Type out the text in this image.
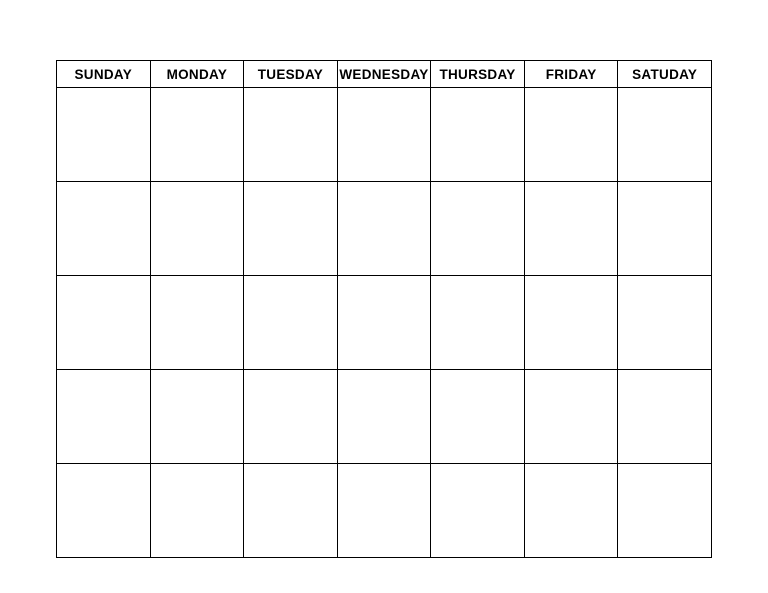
SUNDAY	MONDAY	TUESDAY	WEDNESDAY	THURSDAY	FRIDAY	SATUDAY
